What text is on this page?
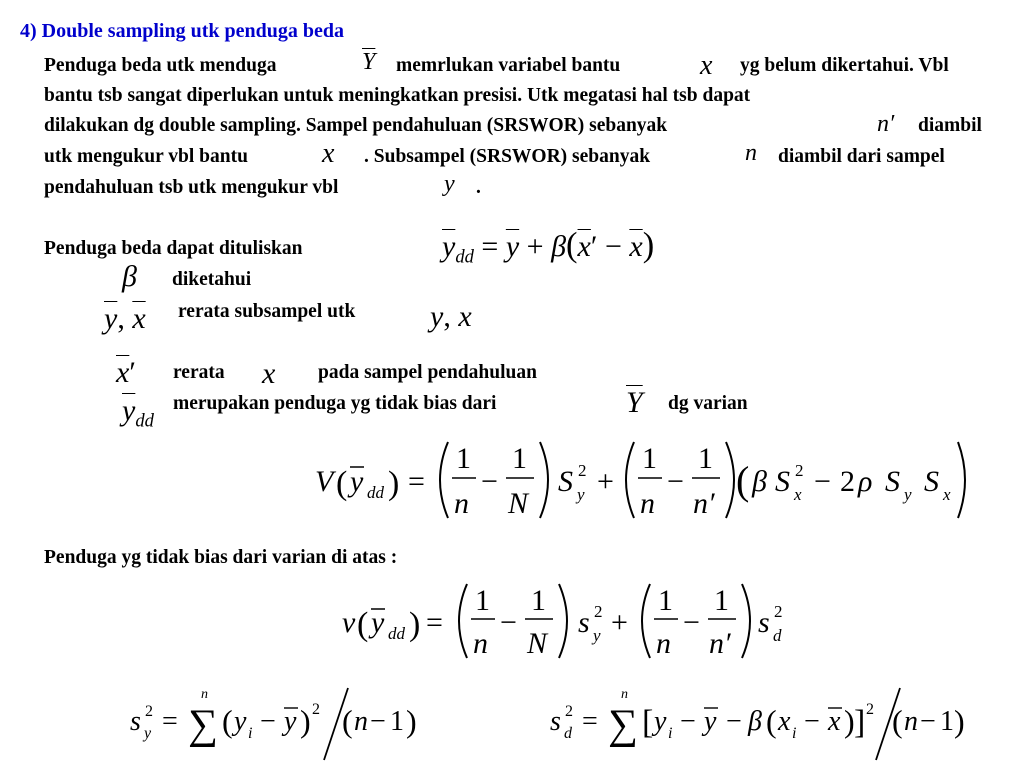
4) Double sampling utk penduga beda
Penduga beda utk menduga	$\overline{Y}$ memrlukan variabel bantu	x yg belum dikertahui. Vbl
bantu tsb sangat diperlukan untuk meningkatkan presisi. Utk megatasi hal tsb dapat
dilakukan dg double sampling. Sampel pendahuluan (SRSWOR) sebanyak	n′ diambil
utk mengukur vbl bantu	x . Subsampel (SRSWOR) sebanyak	n diambil dari sampel
pendahuluan tsb utk mengukur vbl	y .
Penduga beda dapat dituliskan	$\overline{y}_{dd} = \overline{y} + \beta(\overline{x}' - \overline{x})$
β diketahui
$\overline{y}$, $\overline{x}$ rerata subsampel utk y, x
$\overline{x}'$ rerata x pada sampel pendahuluan
$\overline{y}_{dd}$
merupakan penduga yg tidak bias dari	$\overline{Y}$ dg varian
V ( y dd ) =
1
n
−
1
N
S 2
y +
1
n
−
1
n′
( β S 2
x − 2 ρ S y S x
Penduga yg tidak bias dari varian di atas :
v ( y dd ) =
1
n
−
1
N
s 2
y +
1
n
−
1
n′
s 2
d
s 2
y = ∑
n
( y i − y ) 2 ( n − 1 )	s 2
d = ∑
n
[ y i − y − β ( x i − x ) ] 2 ( n − 1 )
